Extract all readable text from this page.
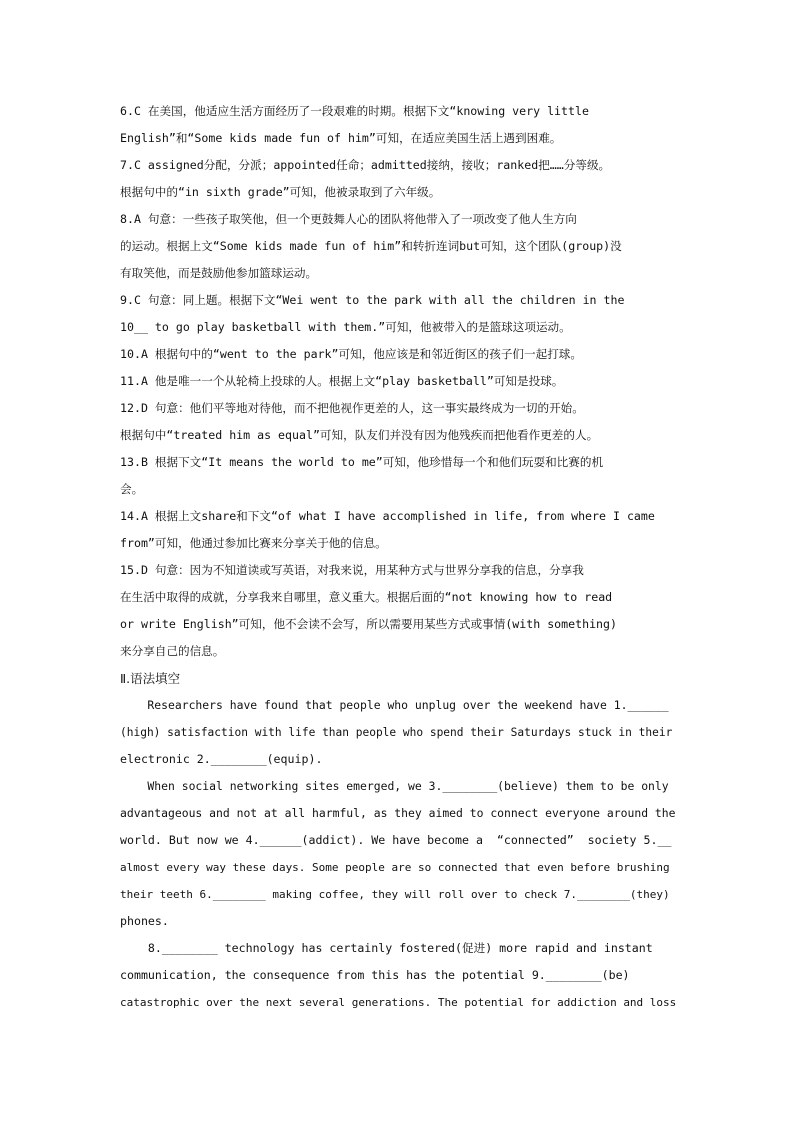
6.C 在美国，他适应生活方面经历了一段艰难的时期。根据下文“knowing very little
English”和“Some kids made fun of him”可知，在适应美国生活上遇到困难。
7.C assigned分配，分派；appointed任命；admitted接纳，接收；ranked把……分等级。
根据句中的“in sixth grade”可知，他被录取到了六年级。
8.A 句意：一些孩子取笑他，但一个更鼓舞人心的团队将他带入了一项改变了他人生方向
的运动。根据上文“Some kids made fun of him”和转折连词but可知，这个团队(group)没
有取笑他，而是鼓励他参加篮球运动。
9.C 句意：同上题。根据下文“Wei went to the park with all the children in the
10__ to go play basketball with them.”可知，他被带入的是篮球这项运动。
10.A 根据句中的“went to the park”可知，他应该是和邻近街区的孩子们一起打球。
11.A 他是唯一一个从轮椅上投球的人。根据上文“play basketball”可知是投球。
12.D 句意：他们平等地对待他，而不把他视作更差的人，这一事实最终成为一切的开始。
根据句中“treated him as equal”可知，队友们并没有因为他残疾而把他看作更差的人。
13.B 根据下文“It means the world to me”可知，他珍惜每一个和他们玩耍和比赛的机
会。
14.A 根据上文share和下文“of what I have accomplished in life, from where I came
from”可知，他通过参加比赛来分享关于他的信息。
15.D 句意：因为不知道读或写英语，对我来说，用某种方式与世界分享我的信息，分享我
在生活中取得的成就，分享我来自哪里，意义重大。根据后面的“not knowing how to read
or write English”可知，他不会读不会写，所以需要用某些方式或事情(with something)
来分享自己的信息。
Ⅱ.语法填空
Researchers have found that people who unplug over the weekend have 1.______
(high) satisfaction with life than people who spend their Saturdays stuck in their
electronic 2.________(equip).
When social networking sites emerged, we 3.________(believe) them to be only
advantageous and not at all harmful, as they aimed to connect everyone around the
world. But now we 4.______(addict). We have become a  “connected”  society 5.__
almost every way these days. Some people are so connected that even before brushing
their teeth 6.________ making coffee, they will roll over to check 7.________(they)
phones.
8.________ technology has certainly fostered(促进) more rapid and instant
communication, the consequence from this has the potential 9.________(be)
catastrophic over the next several generations. The potential for addiction and loss
